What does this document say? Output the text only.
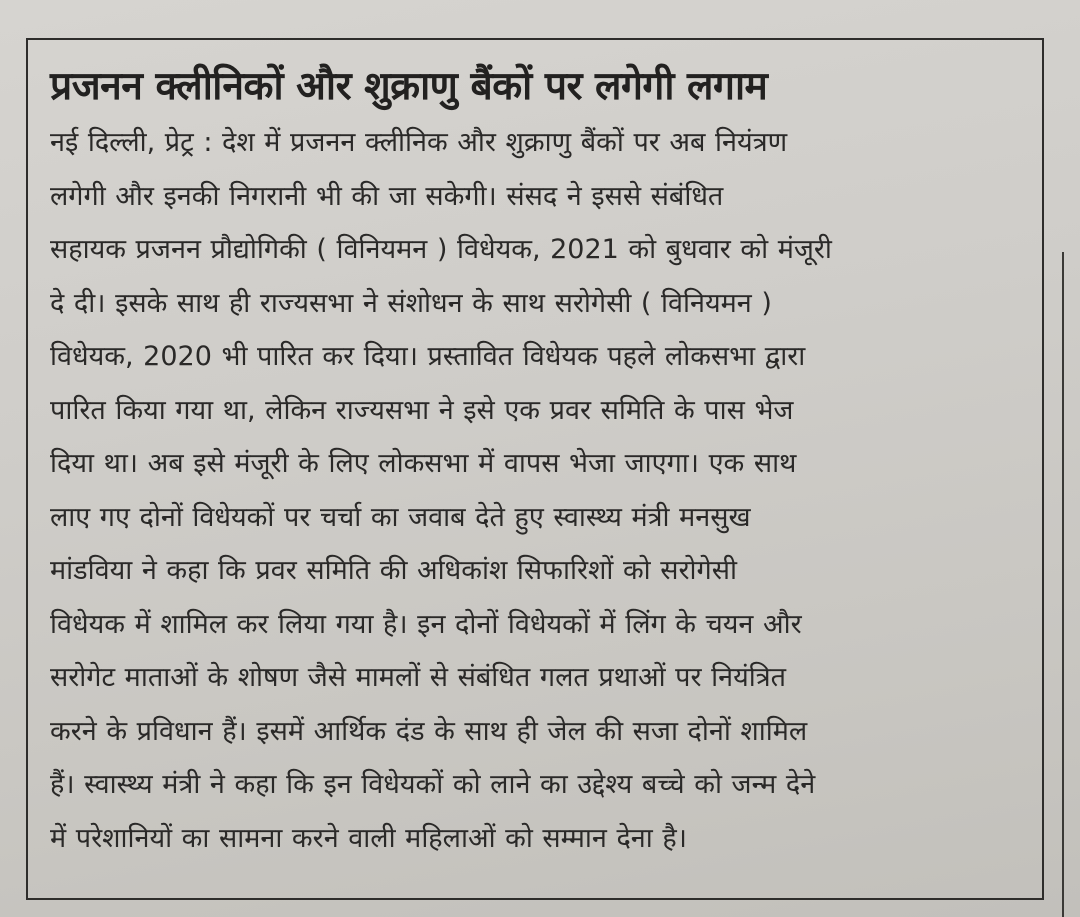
प्रजनन क्लीनिकों और शुक्राणु बैंकों पर लगेगी लगाम

नई दिल्ली, प्रेट्र : देश में प्रजनन क्लीनिक और शुक्राणु बैंकों पर अब नियंत्रण
लगेगी और इनकी निगरानी भी की जा सकेगी। संसद ने इससे संबंधित
सहायक प्रजनन प्रौद्योगिकी ( विनियमन ) विधेयक, 2021 को बुधवार को मंजूरी
दे दी। इसके साथ ही राज्यसभा ने संशोधन के साथ सरोगेसी ( विनियमन )
विधेयक, 2020 भी पारित कर दिया। प्रस्तावित विधेयक पहले लोकसभा द्वारा
पारित किया गया था, लेकिन राज्यसभा ने इसे एक प्रवर समिति के पास भेज
दिया था। अब इसे मंजूरी के लिए लोकसभा में वापस भेजा जाएगा। एक साथ
लाए गए दोनों विधेयकों पर चर्चा का जवाब देते हुए स्वास्थ्य मंत्री मनसुख
मांडविया ने कहा कि प्रवर समिति की अधिकांश सिफारिशों को सरोगेसी
विधेयक में शामिल कर लिया गया है। इन दोनों विधेयकों में लिंग के चयन और
सरोगेट माताओं के शोषण जैसे मामलों से संबंधित गलत प्रथाओं पर नियंत्रित
करने के प्रविधान हैं। इसमें आर्थिक दंड के साथ ही जेल की सजा दोनों शामिल
हैं। स्वास्थ्य मंत्री ने कहा कि इन विधेयकों को लाने का उद्देश्य बच्चे को जन्म देने
में परेशानियों का सामना करने वाली महिलाओं को सम्मान देना है।
